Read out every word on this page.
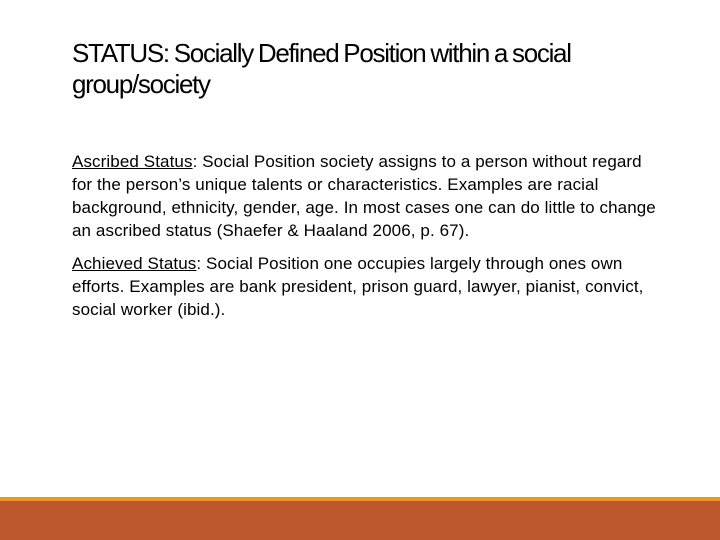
STATUS: Socially Defined Position within a social group/society

Ascribed Status: Social Position society assigns to a person without regard for the person’s unique talents or characteristics. Examples are racial background, ethnicity, gender, age. In most cases one can do little to change an ascribed status (Shaefer & Haaland 2006, p. 67).

Achieved Status: Social Position one occupies largely through ones own efforts. Examples are bank president, prison guard, lawyer, pianist, convict, social worker (ibid.).
